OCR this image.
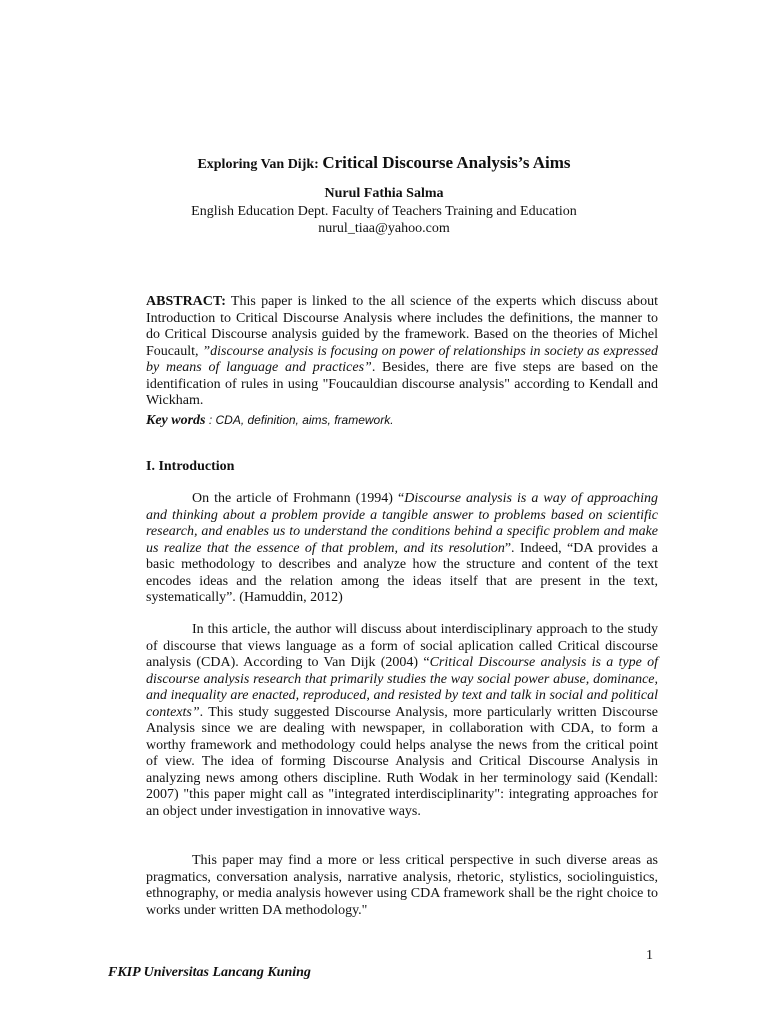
Exploring Van Dijk: Critical Discourse Analysis’s Aims
Nurul Fathia Salma
English Education Dept. Faculty of Teachers Training and Education
nurul_tiaa@yahoo.com
ABSTRACT: This paper is linked to the all science of the experts which discuss about Introduction to Critical Discourse Analysis where includes the definitions, the manner to do Critical Discourse analysis guided by the framework. Based on the theories of Michel Foucault, ”discourse analysis is focusing on power of relationships in society as expressed by means of language and practices”. Besides, there are five steps are based on the identification of rules in using "Foucauldian discourse analysis" according to Kendall and Wickham.
Key words : CDA, definition, aims, framework.
I. Introduction
On the article of Frohmann (1994) “Discourse analysis is a way of approaching and thinking about a problem provide a tangible answer to problems based on scientific research, and enables us to understand the conditions behind a specific problem and make us realize that the essence of that problem, and its resolution”. Indeed, “DA provides a basic methodology to describes and analyze how the structure and content of the text encodes ideas and the relation among the ideas itself that are present in the text, systematically”. (Hamuddin, 2012)
In this article, the author will discuss about interdisciplinary approach to the study of discourse that views language as a form of social aplication called Critical discourse analysis (CDA). According to Van Dijk (2004) “Critical Discourse analysis is a type of discourse analysis research that primarily studies the way social power abuse, dominance, and inequality are enacted, reproduced, and resisted by text and talk in social and political contexts”. This study suggested Discourse Analysis, more particularly written Discourse Analysis since we are dealing with newspaper, in collaboration with CDA, to form a worthy framework and methodology could helps analyse the news from the critical point of view. The idea of forming Discourse Analysis and Critical Discourse Analysis in analyzing news among others discipline. Ruth Wodak in her terminology said (Kendall: 2007) "this paper might call as "integrated interdisciplinarity": integrating approaches for an object under investigation in innovative ways.
This paper may find a more or less critical perspective in such diverse areas as pragmatics, conversation analysis, narrative analysis, rhetoric, stylistics, sociolinguistics, ethnography, or media analysis however using CDA framework shall be the right choice to works under written DA methodology."
1
FKIP Universitas Lancang Kuning
